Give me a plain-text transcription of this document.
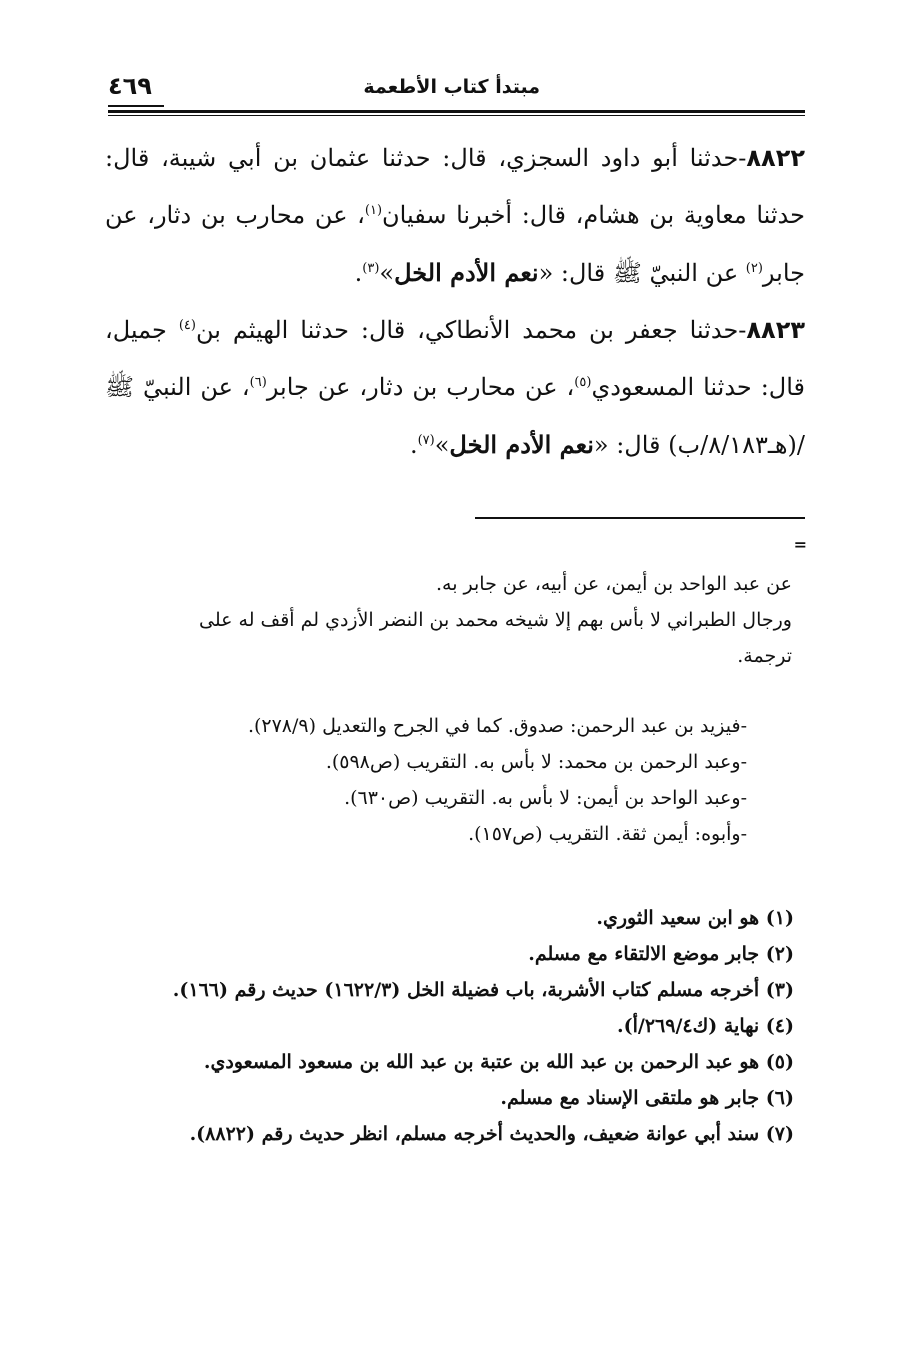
٤٦٩	مبتدأ كتاب الأطعمة

٨٨٢٢-حدثنا أبو داود السجزي، قال: حدثنا عثمان بن أبي شيبة، قال: حدثنا معاوية بن هشام، قال: أخبرنا سفيان$^{(١)}$، عن محارب بن دثار، عن جابر$^{(٢)}$ عن النبيّ ﷺ قال: «نعم الأدم الخل»$^{(٣)}$.

٨٨٢٣-حدثنا جعفر بن محمد الأنطاكي، قال: حدثنا الهيثم بن$^{(٤)}$ جميل، قال: حدثنا المسعودي$^{(٥)}$، عن محارب بن دثار، عن جابر$^{(٦)}$، عن النبيّ ﷺ /(هـ٨/١٨٣/ب) قال: «نعم الأدم الخل»$^{(٧)}$.

=

عن عبد الواحد بن أيمن، عن أبيه، عن جابر به.

ورجال الطبراني لا بأس بهم إلا شيخه محمد بن النضر الأزدي لم أقف له على

ترجمة.

-فيزيد بن عبد الرحمن: صدوق. كما في الجرح والتعديل (٢٧٨/٩).

-وعبد الرحمن بن محمد: لا بأس به. التقريب (ص٥٩٨).

-وعبد الواحد بن أيمن: لا بأس به. التقريب (ص٦٣٠).

-وأبوه: أيمن ثقة. التقريب (ص١٥٧).

(١) هو ابن سعيد الثوري.

(٢) جابر موضع الالتقاء مع مسلم.

(٣) أخرجه مسلم كتاب الأشربة، باب فضيلة الخل (١٦٢٢/٣) حديث رقم (١٦٦).

(٤) نهاية (ك٢٦٩/٤/أ).

(٥) هو عبد الرحمن بن عبد الله بن عتبة بن عبد الله بن مسعود المسعودي.

(٦) جابر هو ملتقى الإسناد مع مسلم.

(٧) سند أبي عوانة ضعيف، والحديث أخرجه مسلم، انظر حديث رقم (٨٨٢٢).
